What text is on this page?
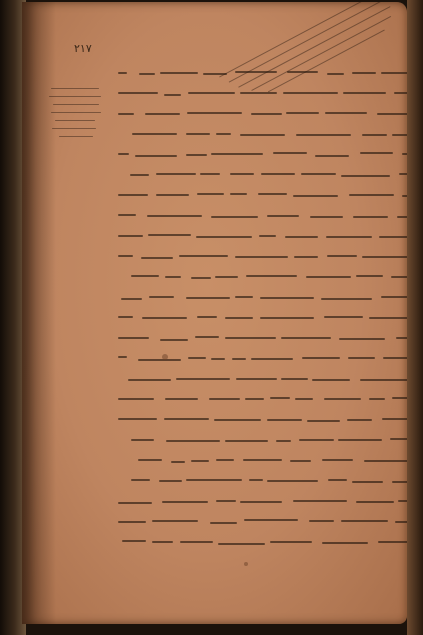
٢١٧
